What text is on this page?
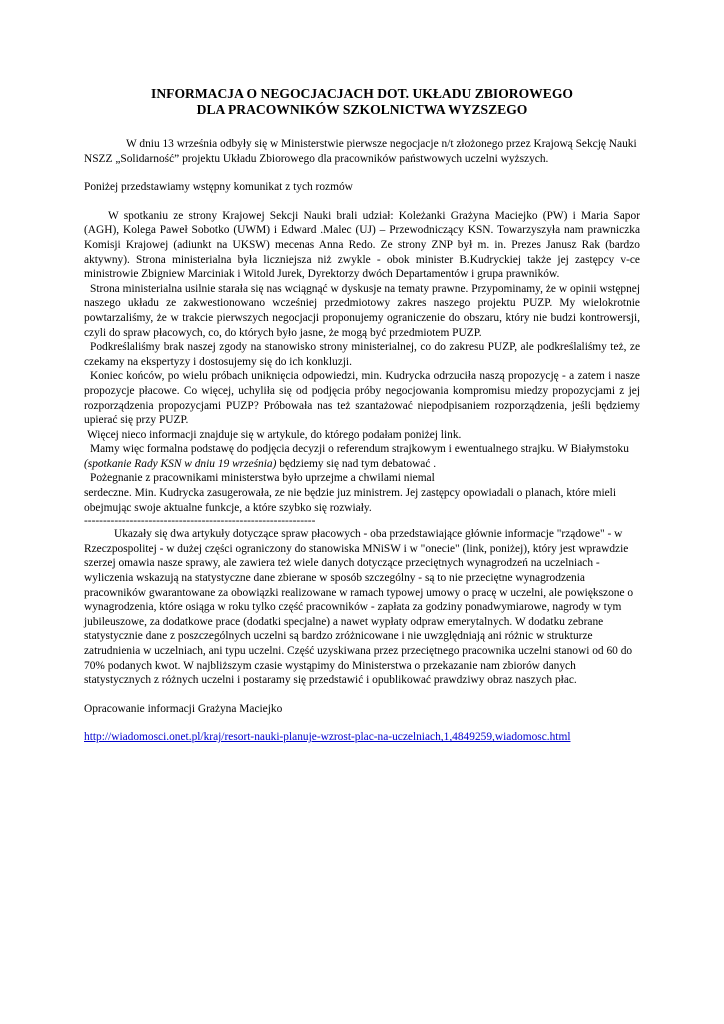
INFORMACJA O NEGOCJACJACH DOT. UKŁADU ZBIOROWEGO
DLA PRACOWNIKÓW SZKOLNICTWA WYZSZEGO

W dniu 13 września odbyły się w Ministerstwie pierwsze negocjacje n/t złożonego przez Krajową Sekcję Nauki NSZZ „Solidarność” projektu Układu Zbiorowego dla pracowników państwowych uczelni wyższych.

Poniżej przedstawiamy wstępny komunikat z tych rozmów

W spotkaniu ze strony Krajowej Sekcji Nauki brali udział: Koleżanki Grażyna Maciejko (PW) i Maria Sapor (AGH), Kolega Paweł Sobotko (UWM) i Edward .Malec (UJ) – Przewodniczący KSN. Towarzyszyła nam prawniczka Komisji Krajowej (adiunkt na UKSW) mecenas Anna Redo. Ze strony ZNP był m. in. Prezes Janusz Rak (bardzo aktywny). Strona ministerialna była liczniejsza niż zwykle - obok minister B.Kudryckiej także jej zastępcy v-ce ministrowie Zbigniew Marciniak i Witold Jurek, Dyrektorzy dwóch Departamentów i grupa prawników.

Strona ministerialna usilnie starała się nas wciągnąć w dyskusje na tematy prawne. Przypominamy, że w opinii wstępnej naszego układu ze zakwestionowano wcześniej przedmiotowy zakres naszego projektu PUZP. My wielokrotnie powtarzaliśmy, że w trakcie pierwszych negocjacji proponujemy ograniczenie do obszaru, który nie budzi kontrowersji, czyli do spraw płacowych, co, do których było jasne, że mogą być przedmiotem PUZP.

Podkreślaliśmy brak naszej zgody na stanowisko strony ministerialnej, co do zakresu PUZP, ale podkreślaliśmy też, ze czekamy na ekspertyzy i dostosujemy się do ich konkluzji.

Koniec końców, po wielu próbach uniknięcia odpowiedzi, min. Kudrycka odrzuciła naszą propozycję - a zatem i nasze propozycje płacowe. Co więcej, uchyliła się od podjęcia próby negocjowania kompromisu miedzy propozycjami z jej rozporządzenia propozycjami PUZP? Próbowała nas też szantażować niepodpisaniem rozporządzenia, jeśli będziemy upierać się przy PUZP.

Więcej nieco informacji znajduje się w artykule, do którego podałam poniżej link.

Mamy więc formalna podstawę do podjęcia decyzji o referendum strajkowym i ewentualnego strajku. W Białymstoku (spotkanie Rady KSN w dniu 19 września) będziemy się nad tym debatować .

Pożegnanie z pracownikami ministerstwa było uprzejme a chwilami niemal

serdeczne. Min. Kudrycka zasugerowała, ze nie będzie juz ministrem. Jej zastępcy opowiadali o planach, które mieli obejmując swoje aktualne funkcje, a które szybko się rozwiały.

-------------------------------------------------------------

Ukazały się dwa artykuły dotyczące spraw płacowych - oba przedstawiające głównie informacje "rządowe" - w Rzeczpospolitej - w dużej części ograniczony do stanowiska MNiSW i w "onecie" (link, poniżej), który jest wprawdzie szerzej omawia nasze sprawy, ale zawiera też wiele danych dotyczące przeciętnych wynagrodzeń na uczelniach - wyliczenia wskazują na statystyczne dane zbierane w sposób szczególny - są to nie przeciętne wynagrodzenia pracowników gwarantowane za obowiązki realizowane w ramach typowej umowy o pracę w uczelni, ale powiększone o wynagrodzenia, które osiąga w roku tylko część pracowników - zapłata za godziny ponadwymiarowe, nagrody w tym jubileuszowe, za dodatkowe prace (dodatki specjalne) a nawet wypłaty odpraw emerytalnych. W dodatku zebrane statystycznie dane z poszczególnych uczelni są bardzo zróżnicowane i nie uwzględniają ani różnic w strukturze zatrudnienia w uczelniach, ani typu uczelni. Część uzyskiwana przez przeciętnego pracownika uczelni stanowi od 60 do 70% podanych kwot. W najbliższym czasie wystąpimy do Ministerstwa o przekazanie nam zbiorów danych statystycznych z różnych uczelni i postaramy się przedstawić i opublikować prawdziwy obraz naszych płac.

Opracowanie informacji Grażyna Maciejko

http://wiadomosci.onet.pl/kraj/resort-nauki-planuje-wzrost-plac-na-uczelniach,1,4849259,wiadomosc.html
